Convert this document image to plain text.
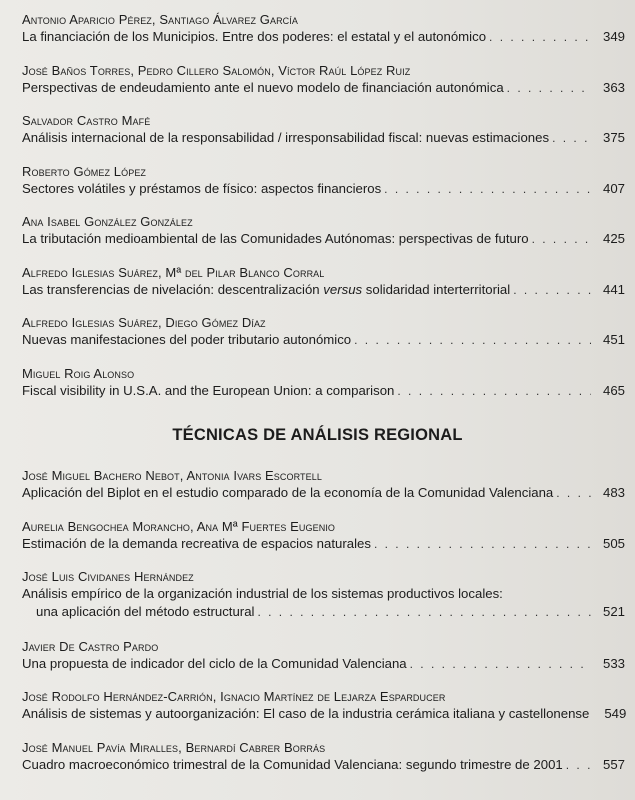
Antonio Aparicio Pérez, Santiago Álvarez García
La financiación de los Municipios. Entre dos poderes: el estatal y el autonómico . . .	349
José Baños Torres, Pedro Cillero Salomón, Víctor Raúl López Ruiz
Perspectivas de endeudamiento ante el nuevo modelo de financiación autonómica . . .	363
Salvador Castro Mafé
Análisis internacional de la responsabilidad / irresponsabilidad fiscal: nuevas estimaciones . . .	375
Roberto Gómez López
Sectores volátiles y préstamos de físico: aspectos financieros . . .	407
Ana Isabel González González
La tributación medioambiental de las Comunidades Autónomas: perspectivas de futuro . . .	425
Alfredo Iglesias Suárez, Mª del Pilar Blanco Corral
Las transferencias de nivelación: descentralización versus solidaridad interterritorial . . .	441
Alfredo Iglesias Suárez, Diego Gómez Díaz
Nuevas manifestaciones del poder tributario autonómico . . .	451
Miguel Roig Alonso
Fiscal visibility in U.S.A. and the European Union: a comparison . . .	465
TÉCNICAS DE ANÁLISIS REGIONAL
José Miguel Bachero Nebot, Antonia Ivars Escortell
Aplicación del Biplot en el estudio comparado de la economía de la Comunidad Valenciana . . .	483
Aurelia Bengochea Morancho, Ana Mª Fuertes Eugenio
Estimación de la demanda recreativa de espacios naturales . . .	505
José Luis Cividanes Hernández
Análisis empírico de la organización industrial de los sistemas productivos locales:
una aplicación del método estructural . . .	521
Javier De Castro Pardo
Una propuesta de indicador del ciclo de la Comunidad Valenciana . . .	533
José Rodolfo Hernández-Carrión, Ignacio Martínez de Lejarza Esparducer
Análisis de sistemas y autoorganización: El caso de la industria cerámica italiana y castellonense	549
José Manuel Pavía Miralles, Bernardí Cabrer Borrás
Cuadro macroeconómico trimestral de la Comunidad Valenciana: segundo trimestre de 2001 . . .	557
